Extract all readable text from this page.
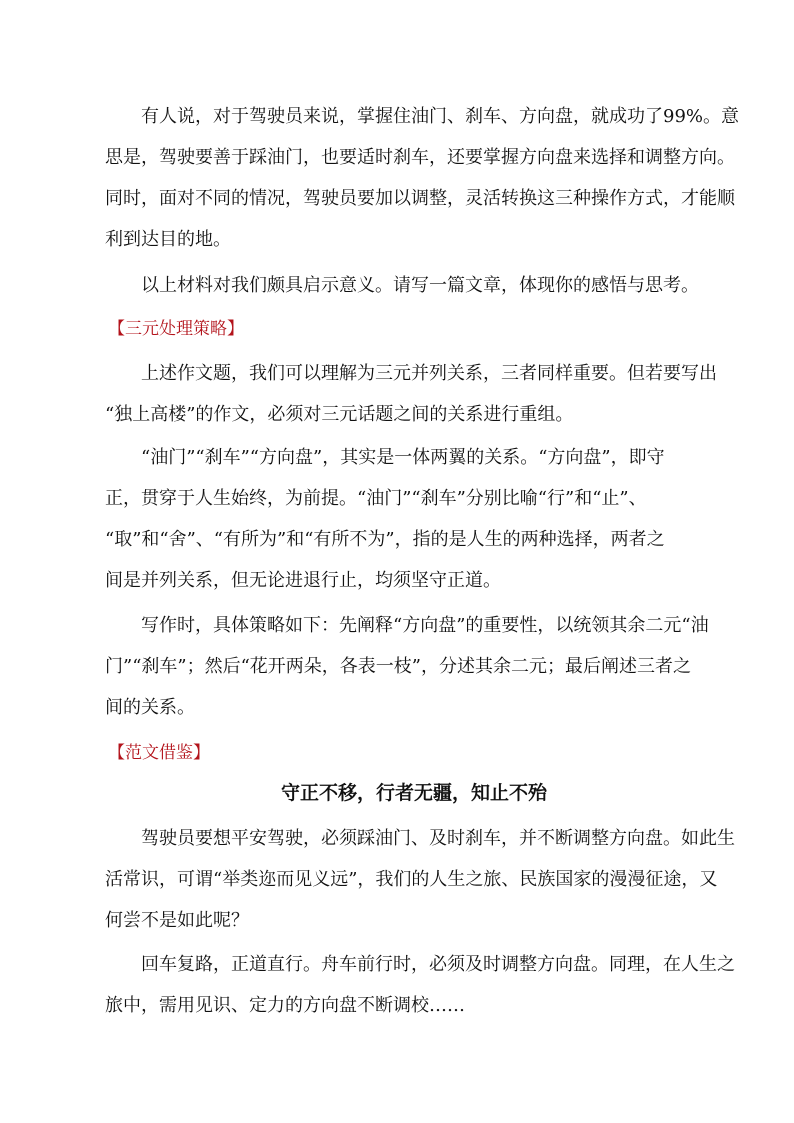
有人说，对于驾驶员来说，掌握住油门、刹车、方向盘，就成功了99%。意
思是，驾驶要善于踩油门，也要适时刹车，还要掌握方向盘来选择和调整方向。
同时，面对不同的情况，驾驶员要加以调整，灵活转换这三种操作方式，才能顺
利到达目的地。

以上材料对我们颇具启示意义。请写一篇文章，体现你的感悟与思考。

【三元处理策略】

上述作文题，我们可以理解为三元并列关系，三者同样重要。但若要写出
“独上高楼”的作文，必须对三元话题之间的关系进行重组。

“油门”“刹车”“方向盘”，其实是一体两翼的关系。“方向盘”，即守
正，贯穿于人生始终，为前提。“油门”“刹车”分别比喻“行”和“止”、
“取”和“舍”、“有所为”和“有所不为”，指的是人生的两种选择，两者之
间是并列关系，但无论进退行止，均须坚守正道。

写作时，具体策略如下：先阐释“方向盘”的重要性，以统领其余二元“油
门”“刹车”；然后“花开两朵，各表一枝”，分述其余二元；最后阐述三者之
间的关系。

【范文借鉴】
守正不移，行者无疆，知止不殆

驾驶员要想平安驾驶，必须踩油门、及时刹车，并不断调整方向盘。如此生
活常识，可谓“举类迩而见义远”，我们的人生之旅、民族国家的漫漫征途，又
何尝不是如此呢？

回车复路，正道直行。舟车前行时，必须及时调整方向盘。同理，在人生之
旅中，需用见识、定力的方向盘不断调校……
